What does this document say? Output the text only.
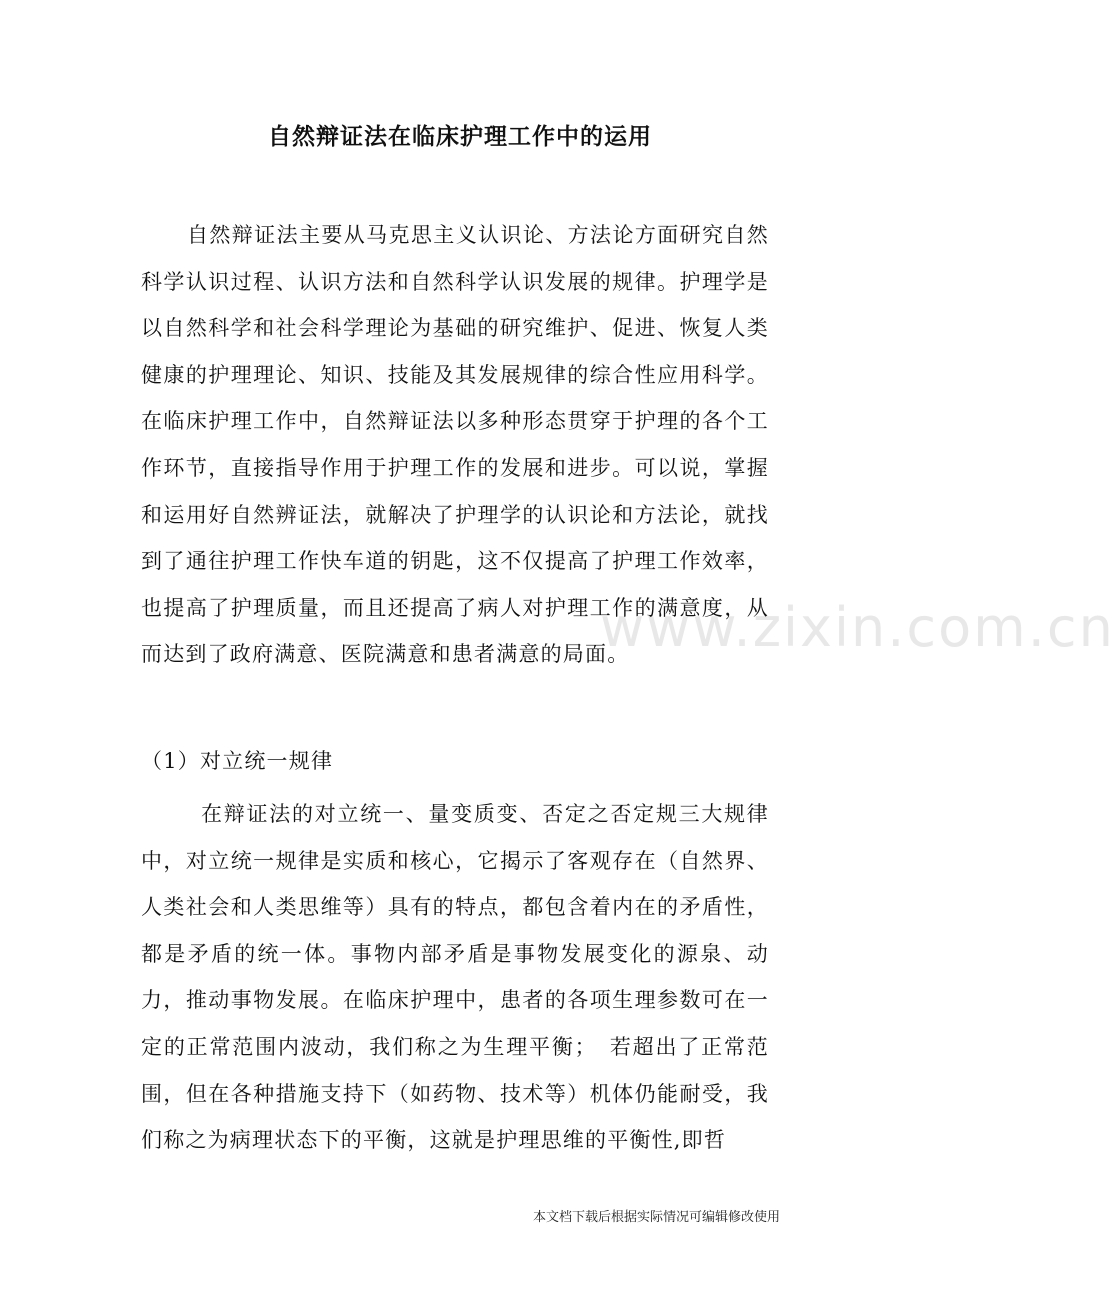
自然辩证法在临床护理工作中的运用

自然辩证法主要从马克思主义认识论、方法论方面研究自然科学认识过程、认识方法和自然科学认识发展的规律。护理学是以自然科学和社会科学理论为基础的研究维护、促进、恢复人类健康的护理理论、知识、技能及其发展规律的综合性应用科学。在临床护理工作中，自然辩证法以多种形态贯穿于护理的各个工作环节，直接指导作用于护理工作的发展和进步。可以说，掌握和运用好自然辨证法，就解决了护理学的认识论和方法论，就找到了通往护理工作快车道的钥匙，这不仅提高了护理工作效率，也提高了护理质量，而且还提高了病人对护理工作的满意度，从而达到了政府满意、医院满意和患者满意的局面。

（1）对立统一规律

在辩证法的对立统一、量变质变、否定之否定规三大规律中，对立统一规律是实质和核心，它揭示了客观存在（自然界、人类社会和人类思维等）具有的特点，都包含着内在的矛盾性，都是矛盾的统一体。事物内部矛盾是事物发展变化的源泉、动力，推动事物发展。在临床护理中，患者的各项生理参数可在一定的正常范围内波动，我们称之为生理平衡；　若超出了正常范围，但在各种措施支持下（如药物、技术等）机体仍能耐受，我们称之为病理状态下的平衡，这就是护理思维的平衡性,即哲

www.zixin.com.cn

本文档下载后根据实际情况可编辑修改使用
